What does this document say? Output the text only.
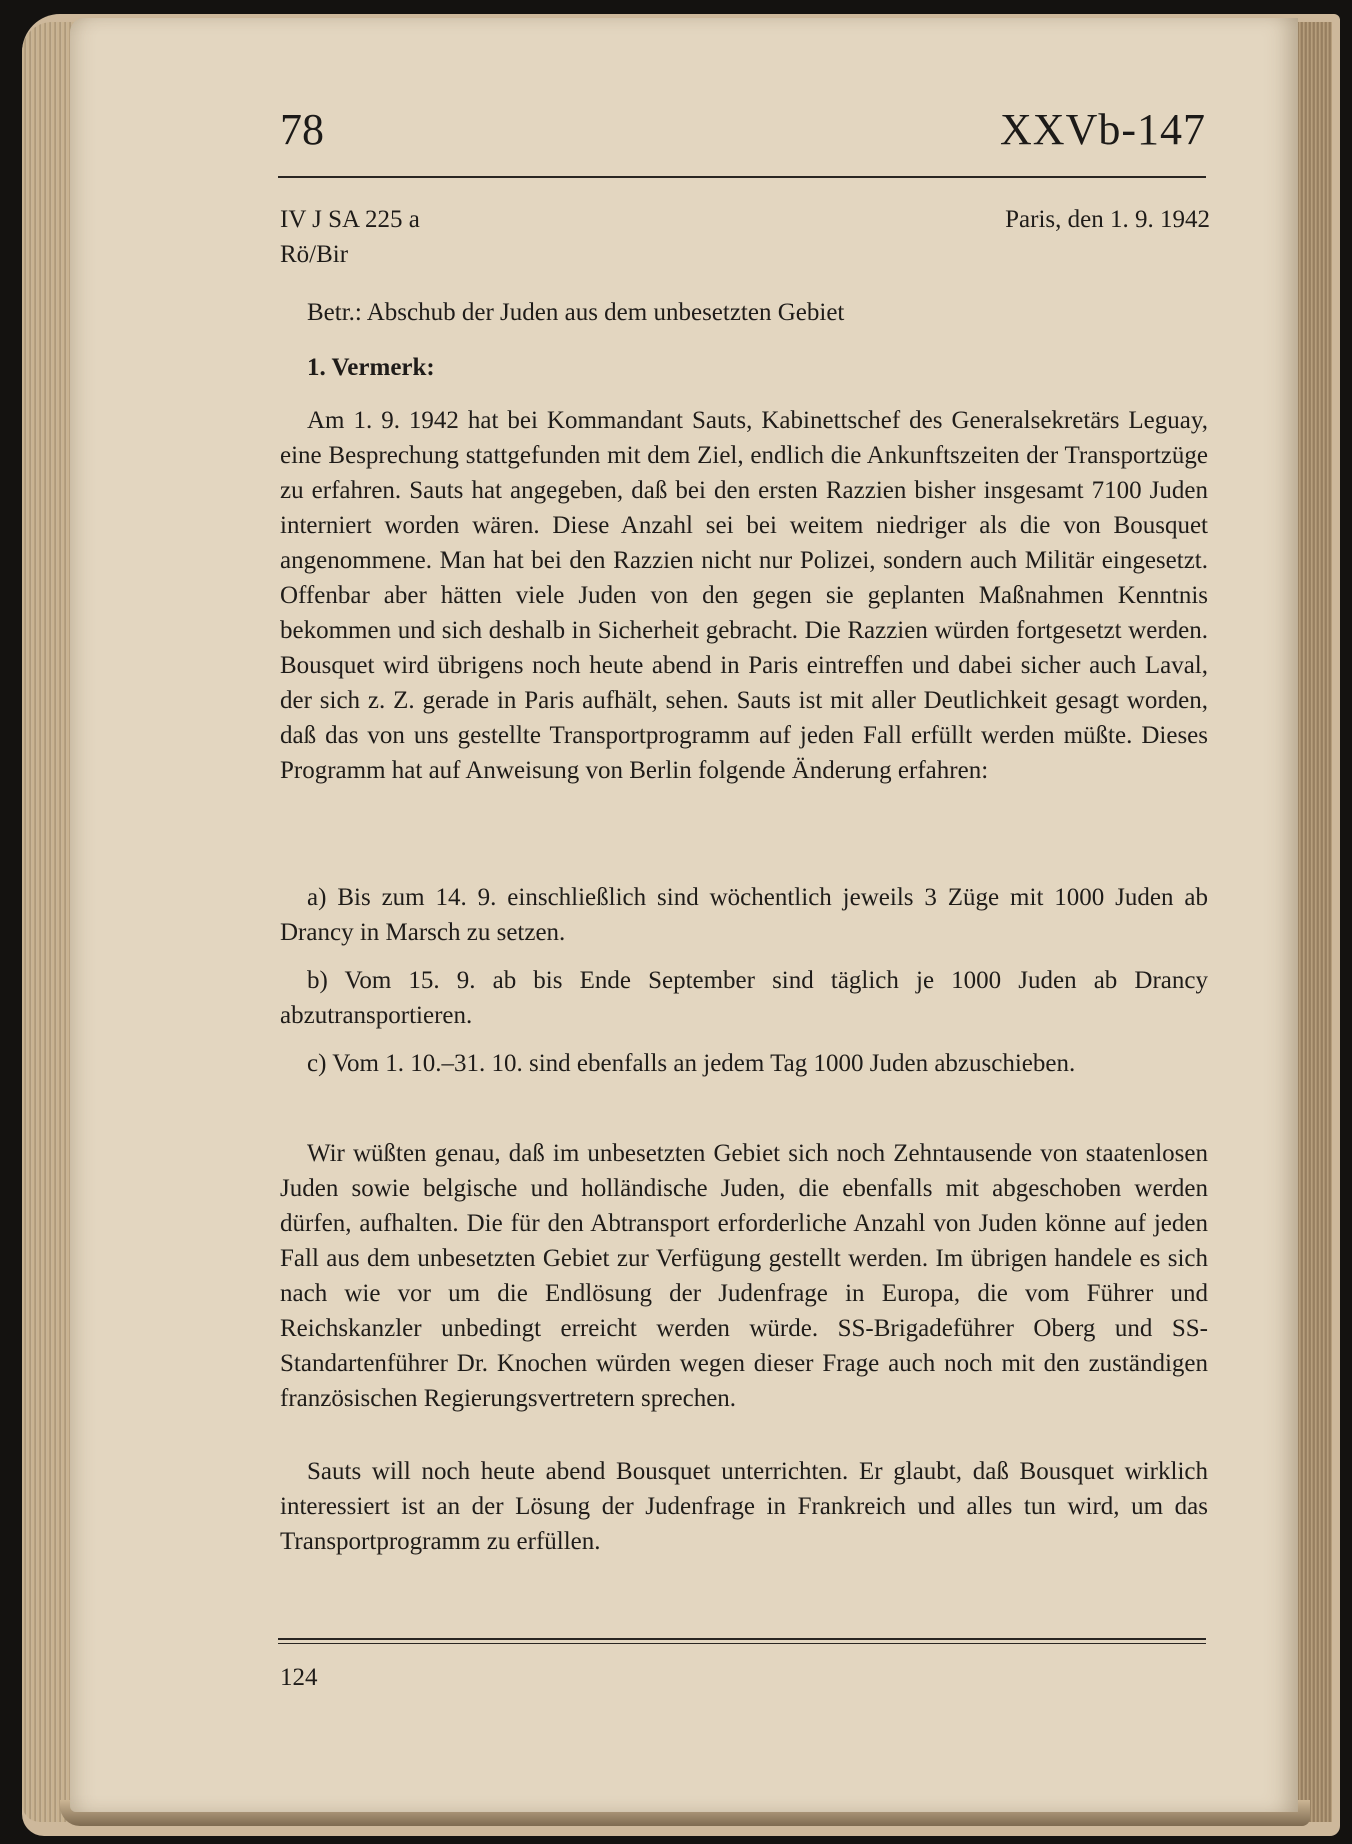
78	XXVb-147
IV J SA 225 a
Rö/Bir
Paris, den 1. 9. 1942
Betr.: Abschub der Juden aus dem unbesetzten Gebiet
1. Vermerk:

Am 1. 9. 1942 hat bei Kommandant Sauts, Kabinettschef des Generalsekretärs Leguay, eine Besprechung stattgefunden mit dem Ziel, endlich die Ankunftszeiten der Transportzüge zu erfahren. Sauts hat angegeben, daß bei den ersten Razzien bisher insgesamt 7100 Juden interniert worden wären. Diese Anzahl sei bei weitem niedriger als die von Bousquet angenommene. Man hat bei den Razzien nicht nur Polizei, sondern auch Militär eingesetzt. Offenbar aber hätten viele Juden von den gegen sie geplanten Maßnahmen Kenntnis bekommen und sich deshalb in Sicherheit gebracht. Die Razzien würden fortgesetzt werden. Bousquet wird übrigens noch heute abend in Paris eintreffen und dabei sicher auch Laval, der sich z. Z. gerade in Paris aufhält, sehen. Sauts ist mit aller Deutlichkeit gesagt worden, daß das von uns gestellte Transportprogramm auf jeden Fall erfüllt werden müßte. Dieses Programm hat auf Anweisung von Berlin folgende Änderung erfahren:

a) Bis zum 14. 9. einschließlich sind wöchentlich jeweils 3 Züge mit 1000 Juden ab Drancy in Marsch zu setzen.

b) Vom 15. 9. ab bis Ende September sind täglich je 1000 Juden ab Drancy abzutransportieren.

c) Vom 1. 10.–31. 10. sind ebenfalls an jedem Tag 1000 Juden abzuschieben.

Wir wüßten genau, daß im unbesetzten Gebiet sich noch Zehntausende von staatenlosen Juden sowie belgische und holländische Juden, die ebenfalls mit abgeschoben werden dürfen, aufhalten. Die für den Abtransport erforderliche Anzahl von Juden könne auf jeden Fall aus dem unbesetzten Gebiet zur Verfügung gestellt werden. Im übrigen handele es sich nach wie vor um die Endlösung der Judenfrage in Europa, die vom Führer und Reichskanzler unbedingt erreicht werden würde. SS-Brigadeführer Oberg und SS-Standartenführer Dr. Knochen würden wegen dieser Frage auch noch mit den zuständigen französischen Regierungsvertretern sprechen.

Sauts will noch heute abend Bousquet unterrichten. Er glaubt, daß Bousquet wirklich interessiert ist an der Lösung der Judenfrage in Frankreich und alles tun wird, um das Transportprogramm zu erfüllen.

124
